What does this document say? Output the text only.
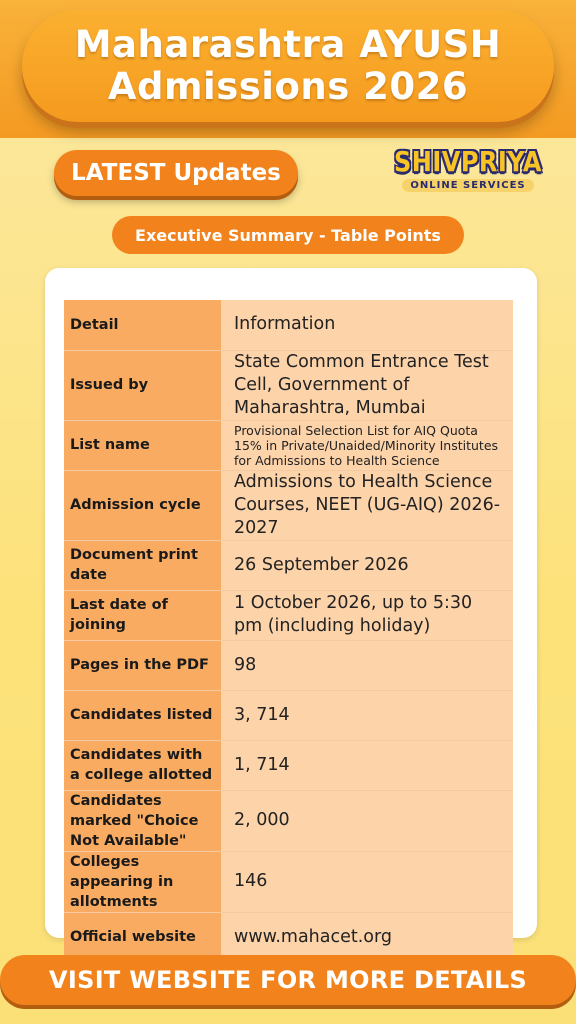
Maharashtra AYUSH
Admissions 2026
LATEST Updates	SHIVPRIYA
ONLINE SERVICES
Executive Summary - Table Points
Detail	Information
Issued by	State Common Entrance Test Cell, Government of Maharashtra, Mumbai
List name	Provisional Selection List for AIQ Quota 15% in Private/Unaided/Minority Institutes for Admissions to Health Science
Admission cycle	Admissions to Health Science Courses, NEET (UG-AIQ) 2026-2027
Document print date	26 September 2026
Last date of joining	1 October 2026, up to 5:30 pm (including holiday)
Pages in the PDF	98
Candidates listed	3, 714
Candidates with a college allotted	1, 714
Candidates marked "Choice Not Available"	2, 000
Colleges appearing in allotments	146
Official website	www.mahacet.org
VISIT WEBSITE FOR MORE DETAILS
